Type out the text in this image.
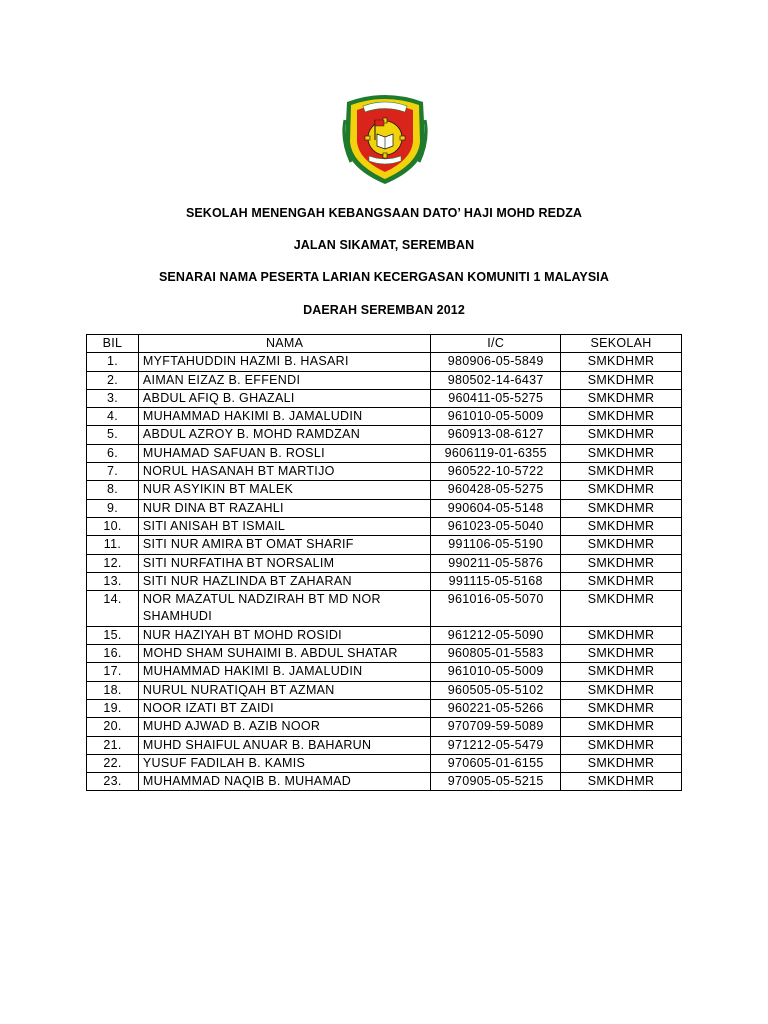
SEKOLAH MENENGAH KEBANGSAAN DATO’ HAJI MOHD REDZA
JALAN SIKAMAT, SEREMBAN
SENARAI NAMA PESERTA LARIAN KECERGASAN KOMUNITI 1 MALAYSIA
DAERAH SEREMBAN 2012
BIL	NAMA	I/C	SEKOLAH
1.	MYFTAHUDDIN HAZMI B. HASARI	980906-05-5849	SMKDHMR
2.	AIMAN EIZAZ B. EFFENDI	980502-14-6437	SMKDHMR
3.	ABDUL AFIQ B. GHAZALI	960411-05-5275	SMKDHMR
4.	MUHAMMAD HAKIMI B. JAMALUDIN	961010-05-5009	SMKDHMR
5.	ABDUL AZROY B. MOHD RAMDZAN	960913-08-6127	SMKDHMR
6.	MUHAMAD SAFUAN B. ROSLI	9606119-01-6355	SMKDHMR
7.	NORUL HASANAH BT MARTIJO	960522-10-5722	SMKDHMR
8.	NUR ASYIKIN BT MALEK	960428-05-5275	SMKDHMR
9.	NUR DINA BT RAZAHLI	990604-05-5148	SMKDHMR
10.	SITI ANISAH BT ISMAIL	961023-05-5040	SMKDHMR
11.	SITI NUR AMIRA BT OMAT SHARIF	991106-05-5190	SMKDHMR
12.	SITI NURFATIHA BT NORSALIM	990211-05-5876	SMKDHMR
13.	SITI NUR HAZLINDA BT ZAHARAN	991115-05-5168	SMKDHMR
14.	NOR MAZATUL NADZIRAH BT MD NOR SHAMHUDI	961016-05-5070	SMKDHMR
15.	NUR HAZIYAH BT MOHD ROSIDI	961212-05-5090	SMKDHMR
16.	MOHD SHAM SUHAIMI B. ABDUL SHATAR	960805-01-5583	SMKDHMR
17.	MUHAMMAD HAKIMI B. JAMALUDIN	961010-05-5009	SMKDHMR
18.	NURUL NURATIQAH BT AZMAN	960505-05-5102	SMKDHMR
19.	NOOR IZATI BT ZAIDI	960221-05-5266	SMKDHMR
20.	MUHD AJWAD B. AZIB NOOR	970709-59-5089	SMKDHMR
21.	MUHD SHAIFUL ANUAR B. BAHARUN	971212-05-5479	SMKDHMR
22.	YUSUF FADILAH B. KAMIS	970605-01-6155	SMKDHMR
23.	MUHAMMAD NAQIB B. MUHAMAD	970905-05-5215	SMKDHMR
